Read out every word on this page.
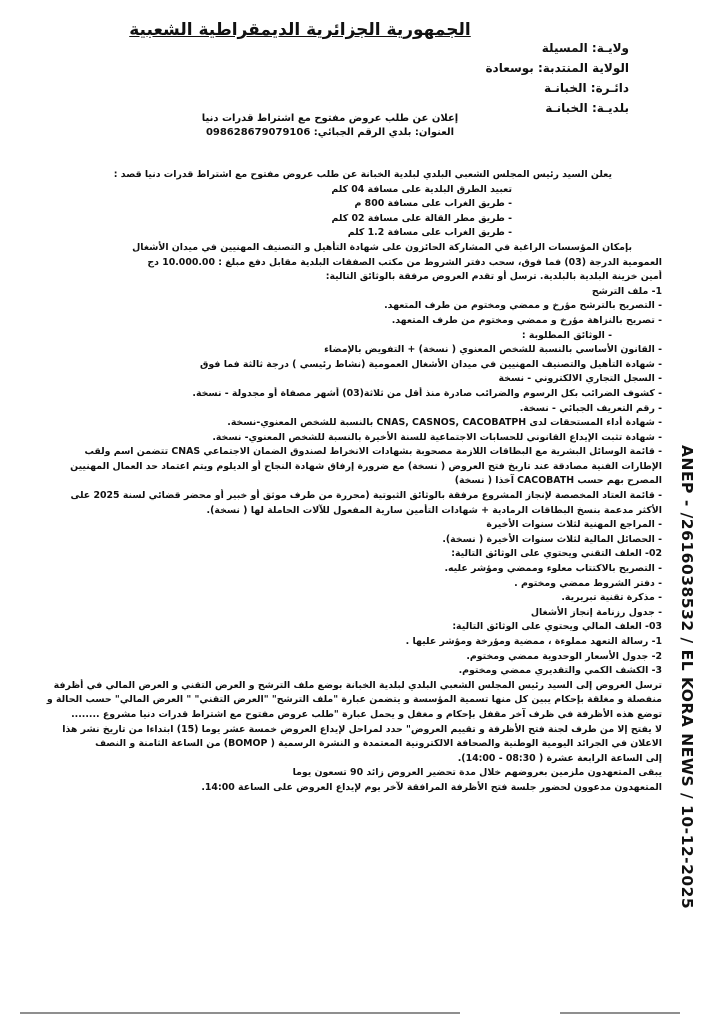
الجمهورية الجزائرية الديمقراطية الشعبية
ولايـة: المسيلة
الولاية المنتدبة: بوسعادة
دائـرة: الخبانـة
بلديـة: الخبانـة
إعلان عن طلب عروض مفتوح مع اشتراط قدرات دنيا
العنوان: بلدي الرقم الجبائي: 098628679079106

يعلن السيد رئيس المجلس الشعبي البلدي لبلدية الخبانة عن طلب عروض مفتوح مع اشتراط قدرات دنيا قصد :

تعبيد الطرق البلدية على مسافة 04 كلم

- طريق الغراب على مسافة 800 م

- طريق مطر القالة على مسافة 02 كلم

- طريق الغراب على مسافة 1.2 كلم

بإمكان المؤسسات الراغبة في المشاركة الحائزون على شهادة التأهيل و التصنيف المهنيين في ميدان الأشغال

العمومية الدرجة (03) فما فوق، سحب دفتر الشروط من مكتب الصفقات البلدية مقابل دفع مبلغ : 10.000.00 دج

أمين خزينة البلدية بالبلدية. ترسل أو تقدم العروض مرفقة بالوثائق التالية:

1- ملف الترشح

- التصريح بالترشح مؤرخ و ممضي ومختوم من طرف المتعهد.

- تصريح بالنزاهة مؤرخ و ممضي ومختوم من طرف المتعهد.

- الوثائق المطلوبة :

- القانون الأساسي بالنسبة للشخص المعنوي ( نسخة) + التفويض بالإمضاء

- شهادة التأهيل والتصنيف المهنيين في ميدان الأشغال العمومية (نشاط رئيسي ) درجة ثالثة فما فوق

- السجل التجاري الالكتروني - نسخة

- كشوف الضرائب بكل الرسوم والضرائب صادرة منذ أقل من ثلاثة(03) أشهر مصفاة أو مجدولة - نسخة.

- رقم التعريف الجبائي - نسخة.

- شهادة أداء المستحقات لدى CNAS, CASNOS, CACOBATPH بالنسبة للشخص المعنوي-نسخة.

- شهادة تثبت الإيداع القانوني للحسابات الاجتماعية للسنة الأخيرة بالنسبة للشخص المعنوي- نسخة.

- قائمة الوسائل البشرية مع البطاقات اللازمة مصحوبة بشهادات الانخراط لصندوق الضمان الاجتماعي CNAS تتضمن اسم ولقب

الإطارات الفنية مصادقة عند تاريخ فتح العروض ( نسخة) مع ضرورة إرفاق شهادة النجاح أو الديلوم ويتم اعتماد حد العمال المهنيين

المصرح بهم حسب CACOBATH آخذا ( نسخة)

- قائمة العتاد المخصصة لإنجاز المشروع مرفقة بالوثائق الثبوتية (محررة من طرف موثق أو خبير أو محضر قضائي لسنة 2025 على

الأكثر مدعمة بنسخ البطاقات الرمادية + شهادات التأمين سارية المفعول للآلات الحاملة لها ( نسخة).

- المراجع المهنية لثلاث سنوات الأخيرة

- الحصائل المالية لثلاث سنوات الأخيرة ( نسخة).

02- العلف التقني ويحتوي على الوثائق التالية:

- التصريح بالاكتتاب معلوء وممضي ومؤشر عليه.

- دفتر الشروط ممضي ومختوم .

- مذكرة تقنية تبريرية.

- جدول رزنامة إنجاز الأشغال

03- العلف المالي ويحتوي على الوثائق التالية:

1- رسالة التعهد مملوءة ، ممضية ومؤرخة ومؤشر عليها .

2- جدول الأسعار الوحدوية ممضي ومختوم.

3- الكشف الكمي والتقديري ممضي ومختوم.

ترسل العروض إلى السيد رئيس المجلس الشعبي البلدي لبلدية الخبانة بوضع ملف الترشح و العرض التقني و العرض المالي في أظرفة

منفصلة و مغلقة بإحكام يبين كل منها تسمية المؤسسة و يتضمن عبارة "ملف الترشح" "العرض التقني" " العرض المالي" حسب الحالة و

توضع هذه الأظرفة في ظرف آخر مقفل بإحكام و مغفل و يحمل عبارة "طلب عروض مفتوح مع اشتراط قدرات دنيا مشروع ........

لا يفتح إلا من طرف لجنة فتح الأظرفة و تقييم العروض" حدد لمراحل لإيداع العروض خمسة عشر يوما (15) ابتداءا من تاريخ نشر هذا

الاعلان في الجرائد اليومية الوطنية والصحافة الالكترونية المعتمدة و النشرة الرسمية ( BOMOP) من الساعة الثامنة و النصف

إلى الساعة الرابعة عشرة ( 08:30 - 14:00).

يبقى المتعهدون ملزمين بعروضهم خلال مدة تحضير العروض زائد 90 تسعون يوما

المتعهدون مدعوون لحضور جلسة فتح الأظرفة المرافقة لآخر يوم لإيداع العروض على الساعة 14:00.	ANEP - /2616038532 / EL KORA NEWS / 10-12-2025
